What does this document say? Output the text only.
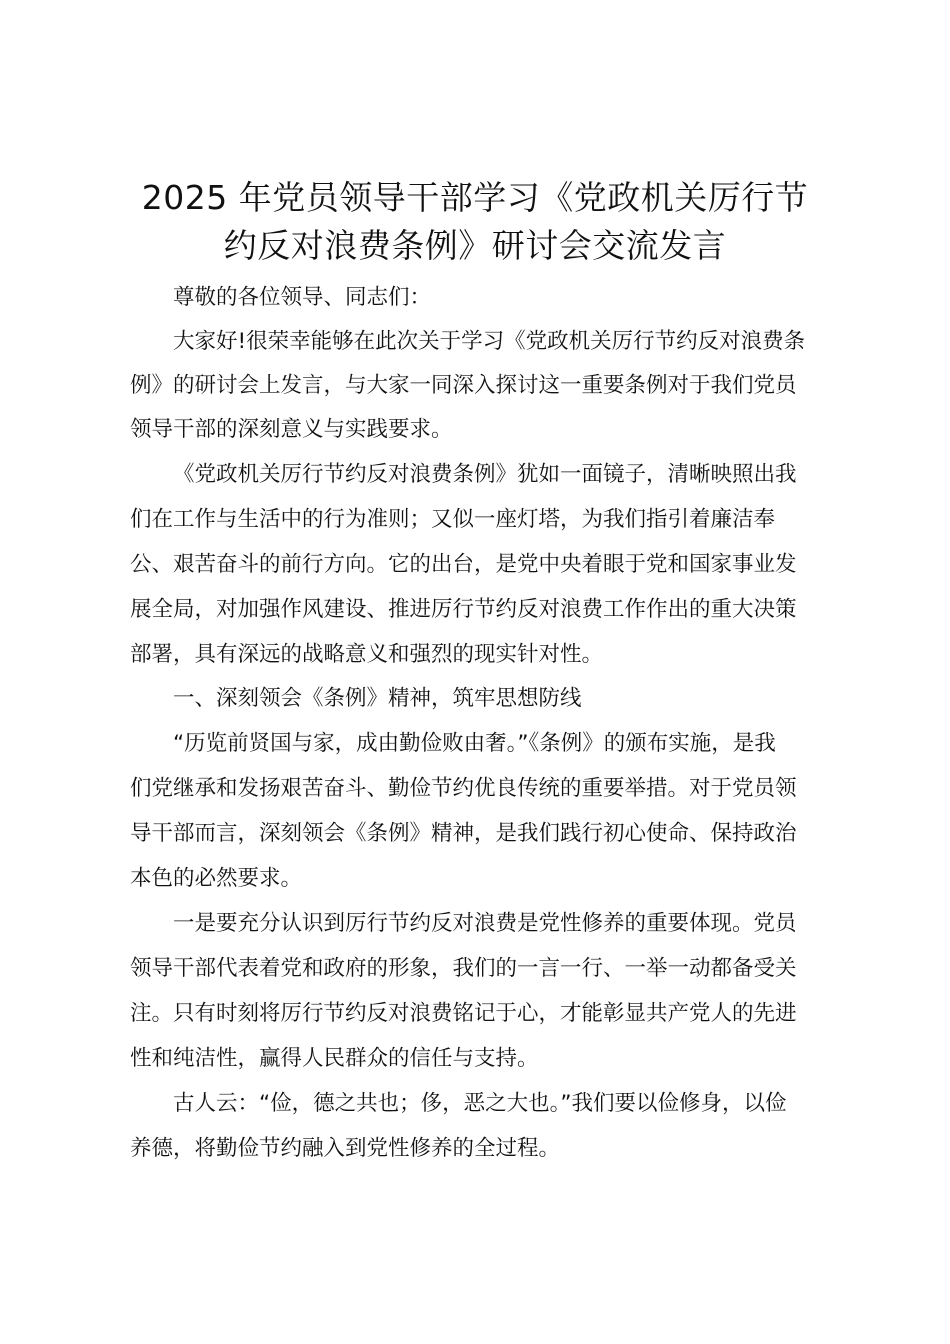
2025 年党员领导干部学习《党政机关厉行节
约反对浪费条例》研讨会交流发言

尊敬的各位领导、同志们：

大家好!很荣幸能够在此次关于学习《党政机关厉行节约反对浪费条

例》的研讨会上发言，与大家一同深入探讨这一重要条例对于我们党员

领导干部的深刻意义与实践要求。

《党政机关厉行节约反对浪费条例》犹如一面镜子，清晰映照出我

们在工作与生活中的行为准则；又似一座灯塔，为我们指引着廉洁奉

公、艰苦奋斗的前行方向。它的出台，是党中央着眼于党和国家事业发

展全局，对加强作风建设、推进厉行节约反对浪费工作作出的重大决策

部署，具有深远的战略意义和强烈的现实针对性。

一、深刻领会《条例》精神，筑牢思想防线

“历览前贤国与家，成由勤俭败由奢。”《条例》的颁布实施，是我

们党继承和发扬艰苦奋斗、勤俭节约优良传统的重要举措。对于党员领

导干部而言，深刻领会《条例》精神，是我们践行初心使命、保持政治

本色的必然要求。

一是要充分认识到厉行节约反对浪费是党性修养的重要体现。党员

领导干部代表着党和政府的形象，我们的一言一行、一举一动都备受关

注。只有时刻将厉行节约反对浪费铭记于心，才能彰显共产党人的先进

性和纯洁性，赢得人民群众的信任与支持。

古人云：“俭，德之共也；侈，恶之大也。”我们要以俭修身，以俭

养德，将勤俭节约融入到党性修养的全过程。
